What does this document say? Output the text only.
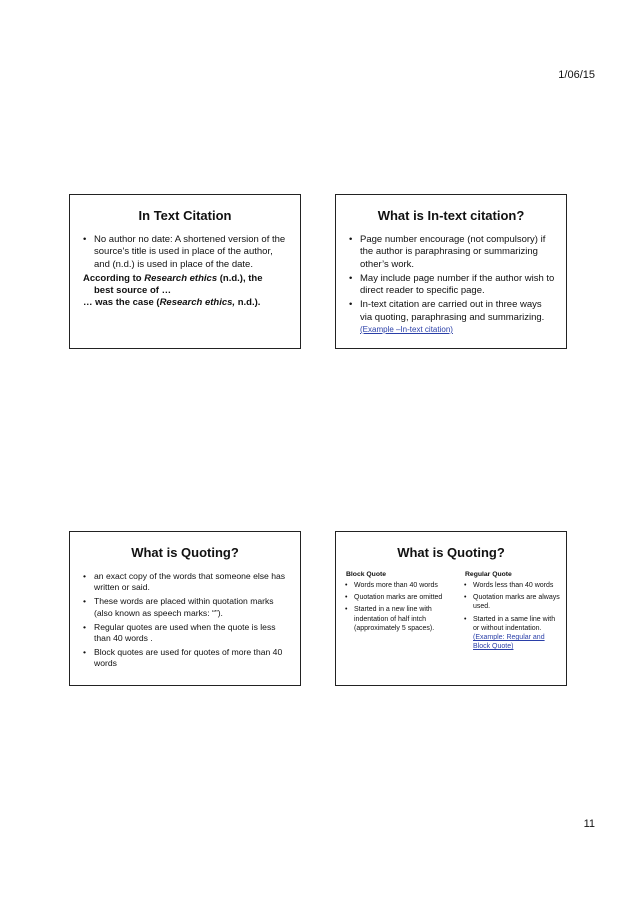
1/06/15
In Text Citation
• No author no date: A shortened version of the source's title is used in place of the author, and (n.d.) is used in place of the date.

According to Research ethics (n.d.), the

best source of …

… was the case (Research ethics, n.d.).

What is In-text citation?
• Page number encourage (not compulsory) if the author is paraphrasing or summarizing other’s work.
• May include page number if the author wish to direct reader to specific page.
• In-text citation are carried out in three ways via quoting, paraphrasing and summarizing.  (Example –In-text citation)
What is Quoting?
• an exact copy of the words that someone else has written or said.
• These words are placed within quotation marks (also known as speech marks: “”).
• Regular quotes are used when the quote is less than 40 words .
• Block quotes are used for quotes of more than 40 words
What is Quoting?
Block Quote
• Words more than 40 words
• Quotation marks are omitted
• Started in a new line with indentation of half intch (approximately 5 spaces).
Regular Quote
• Words less than 40 words
• Quotation marks are always used.
• Started in a same line with or without indentation.
(Example: Regular and Block Quote)
11
